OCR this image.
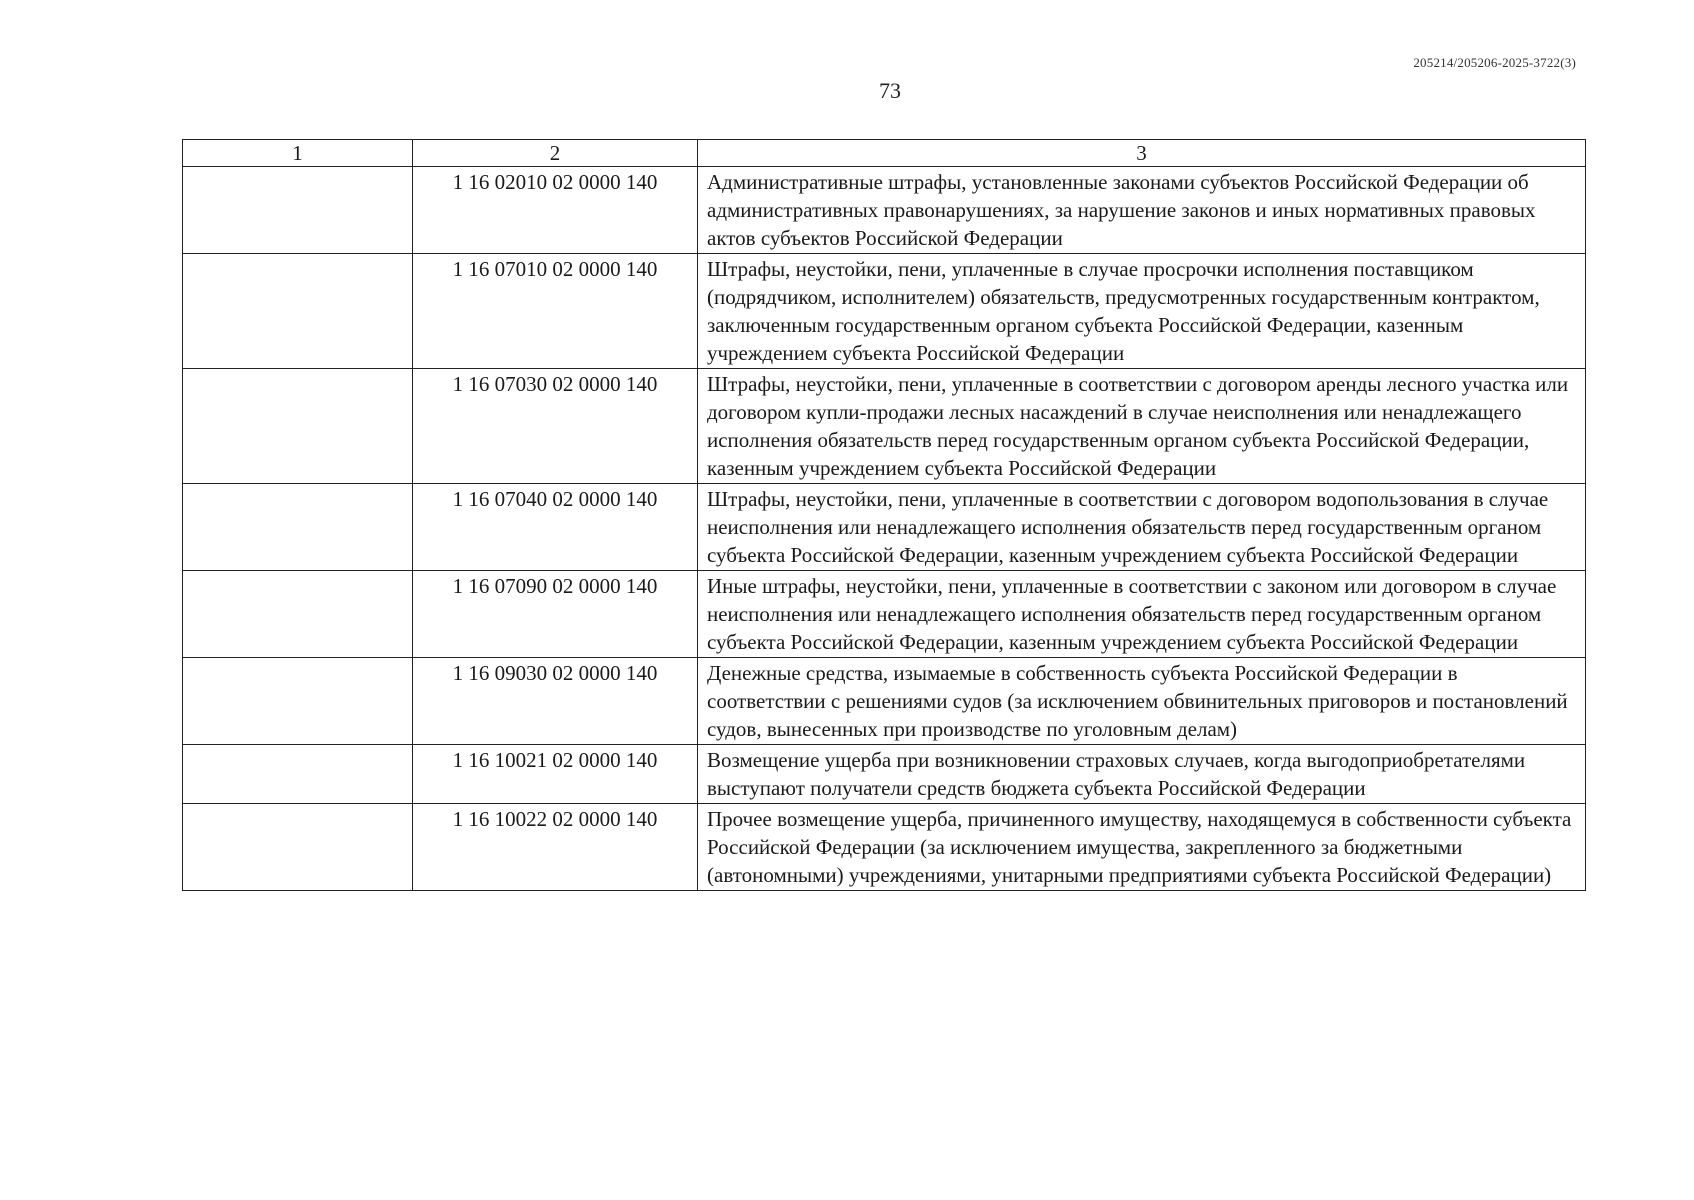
205214/205206-2025-3722(3)
73
1	2	3
	1 16 02010 02 0000 140	Административные штрафы, установленные законами субъектов Российской Федерации об административных правонарушениях, за нарушение законов и иных нормативных правовых актов субъектов Российской Федерации
	1 16 07010 02 0000 140	Штрафы, неустойки, пени, уплаченные в случае просрочки исполнения поставщиком (подрядчиком, исполнителем) обязательств, предусмотренных государственным контрактом, заключенным государственным органом субъекта Российской Федерации, казенным учреждением субъекта Российской Федерации
	1 16 07030 02 0000 140	Штрафы, неустойки, пени, уплаченные в соответствии с договором аренды лесного участка или договором купли-продажи лесных насаждений в случае неисполнения или ненадлежащего исполнения обязательств перед государственным органом субъекта Российской Федерации, казенным учреждением субъекта Российской Федерации
	1 16 07040 02 0000 140	Штрафы, неустойки, пени, уплаченные в соответствии с договором водопользования в случае неисполнения или ненадлежащего исполнения обязательств перед государственным органом субъекта Российской Федерации, казенным учреждением субъекта Российской Федерации
	1 16 07090 02 0000 140	Иные штрафы, неустойки, пени, уплаченные в соответствии с законом или договором в случае неисполнения или ненадлежащего исполнения обязательств перед государственным органом субъекта Российской Федерации, казенным учреждением субъекта Российской Федерации
	1 16 09030 02 0000 140	Денежные средства, изымаемые в собственность субъекта Российской Федерации в соответствии с решениями судов (за исключением обвинительных приговоров и постановлений судов, вынесенных при производстве по уголовным делам)
	1 16 10021 02 0000 140	Возмещение ущерба при возникновении страховых случаев, когда выгодоприобретателями выступают получатели средств бюджета субъекта Российской Федерации
	1 16 10022 02 0000 140	Прочее возмещение ущерба, причиненного имуществу, находящемуся в собственности субъекта Российской Федерации (за исключением имущества, закрепленного за бюджетными (автономными) учреждениями, унитарными предприятиями субъекта Российской Федерации)
